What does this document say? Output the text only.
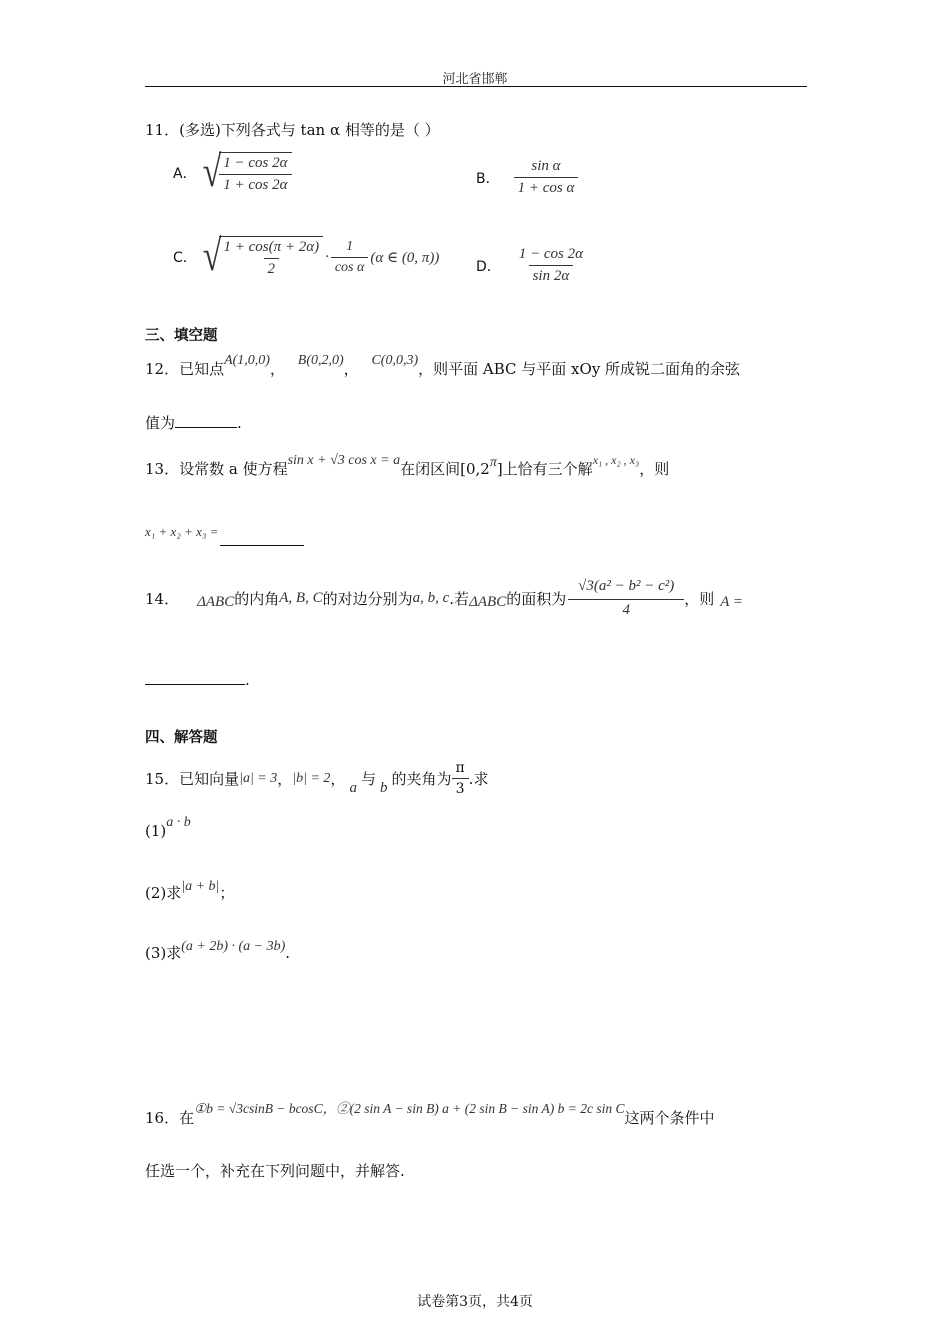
河北省邯郸
11．(多选)下列各式与 tan α 相等的是（ ）
A． √
$\frac{1 - \cos 2\alpha}{1 + \cos 2\alpha}$	B． $\frac{\text{sin α}}{\text{1 + cos α}}$
C． √
$\frac{1 + \cos(\pi + 2\alpha)}{2} \cdot \frac{1}{\text{cos α}} (\alpha$ ∈ (0, π))
D． $\frac{1 - \cos 2\alpha}{\sin 2\alpha}$
三、填空题
12．已知点A(1,0,0)， B(0,2,0)， C(0,0,3)，则平面 ABC 与平面 xOy 所成锐二面角的余弦
值为	.
13．设常数 a 使方程sin x + √3 cos x = a在闭区间[0,2π]上恰有三个解$^{x_1 , x_2 , x_3}$，则
x₁ + x₂ + x₃ =
14． ΔABC 的内角 A, B, C 的对边分别为 a, b, c .若 ΔABC 的面积为 $\frac{\text{√3(a² − b² − c²)}}{4}$ ，则 A =
.
四、解答题
15．已知向量 |a| = 3 ， |b| = 2 ， a 与 b 的夹角为 $\frac{\pi}{3}$ .求
(1)a · b
(2)求|a + b|；
(3)求(a + 2b) · (a − 3b).
16．在①b = √3csinB − bcosC，②(2 sin A − sin B) a + (2 sin B − sin A) b = 2c sin C这两个条件中
任选一个，补充在下列问题中，并解答.
试卷第3页，共4页
